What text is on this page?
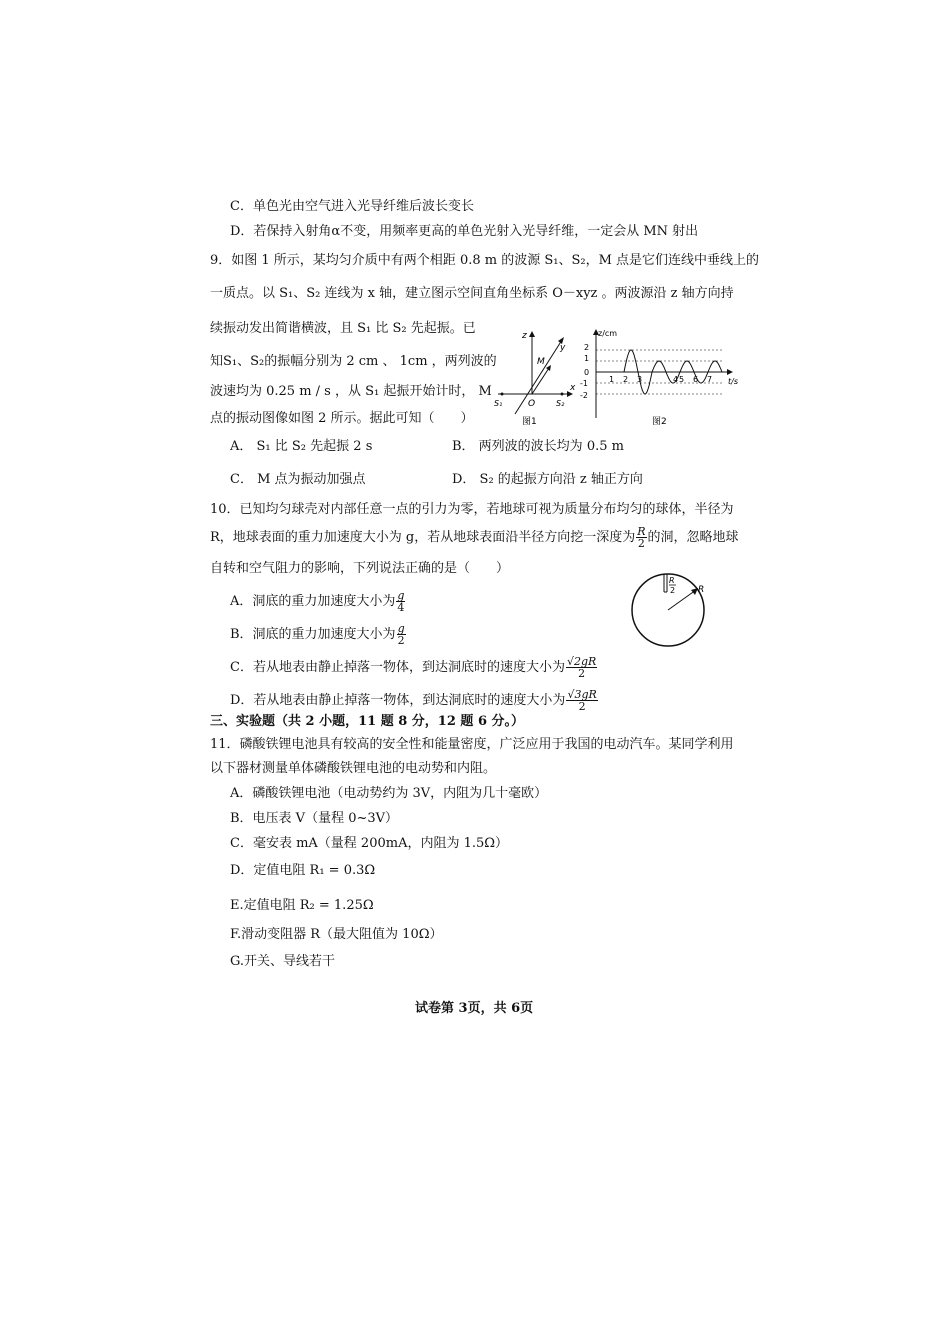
C．单色光由空气进入光导纤维后波长变长
D．若保持入射角α不变，用频率更高的单色光射入光导纤维，一定会从 MN 射出
9．如图 1 所示，某均匀介质中有两个相距 0.8 m 的波源 S₁、S₂，M 点是它们连线中垂线上的
一质点。以 S₁、S₂ 连线为 x 轴，建立图示空间直角坐标系 O－xyz 。两波源沿 z 轴方向持
续振动发出简谐横波，且 S₁ 比 S₂ 先起振。已
知S₁、S₂的振幅分别为 2 cm 、 1cm ，两列波的
波速均为 0.25 m / s ，从 S₁ 起振开始计时， M
点的振动图像如图 2 所示。据此可知（　　）
z
y
x
M
O
S₁	S₂
图1
z/cm
t/s
2
1
0
-1
-2
1 2 3	4 5 6 7
图2
A． S₁ 比 S₂ 先起振 2 s	B． 两列波的波长均为 0.5 m
C． M 点为振动加强点	D． S₂ 的起振方向沿 z 轴正方向
10．已知均匀球壳对内部任意一点的引力为零，若地球可视为质量分布均匀的球体，半径为
R，地球表面的重力加速度大小为 g，若从地球表面沿半径方向挖一深度为 $\frac{R}{2}$ 的洞，忽略地球
自转和空气阻力的影响，下列说法正确的是（　　）
A．洞底的重力加速度大小为 $\frac{g}{4}$
B．洞底的重力加速度大小为 $\frac{g}{2}$
C．若从地表由静止掉落一物体，到达洞底时的速度大小为 $\frac{√2gR}{2}$
D．若从地表由静止掉落一物体，到达洞底时的速度大小为 $\frac{√3gR}{2}$
R
R
2
三、实验题（共 2 小题，11 题 8 分，12 题 6 分。）
11．磷酸铁锂电池具有较高的安全性和能量密度，广泛应用于我国的电动汽车。某同学利用
以下器材测量单体磷酸铁锂电池的电动势和内阻。
A．磷酸铁锂电池（电动势约为 3V，内阻为几十毫欧）
B．电压表 V（量程 0~3V）
C．毫安表 mA（量程 200mA，内阻为 1.5Ω）
D．定值电阻 R₁ = 0.3Ω
E.定值电阻 R₂ = 1.25Ω
F.滑动变阻器 R（最大阻值为 10Ω）
G.开关、导线若干
试卷第 3页，共 6页
